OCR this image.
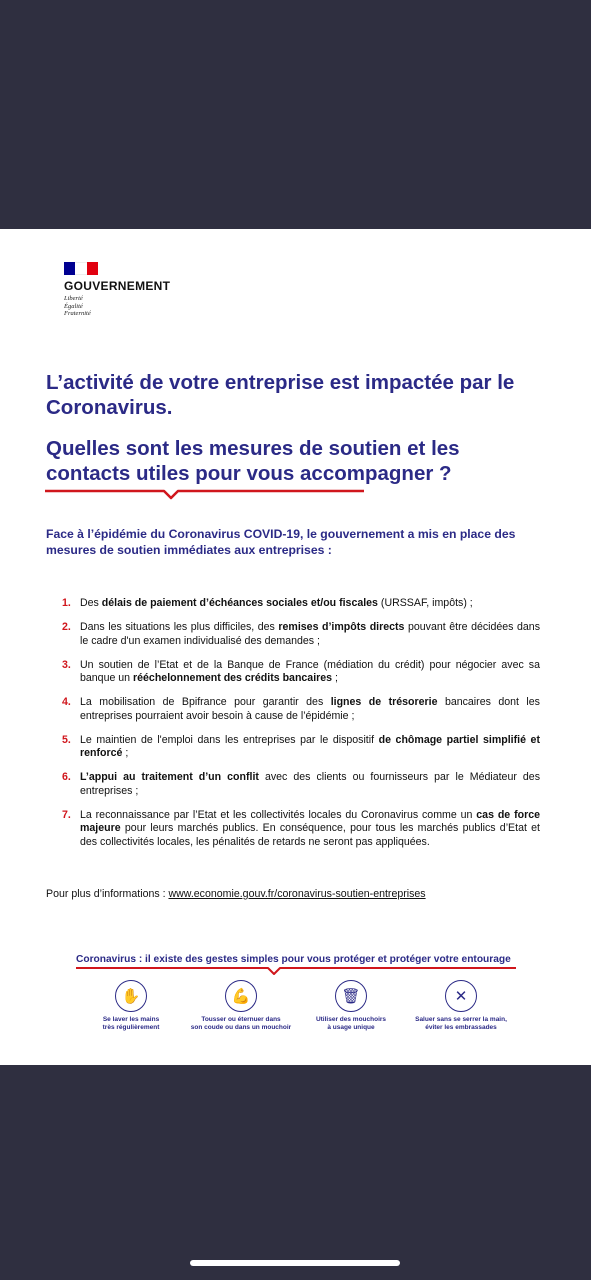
GOUVERNEMENT
Liberté
Égalité
Fraternité
L’activité de votre entreprise est impactée par le Coronavirus.
Quelles sont les mesures de soutien et les contacts utiles pour vous accompagner ?

Face à l’épidémie du Coronavirus COVID-19, le gouvernement a mis en place des mesures de soutien immédiates aux entreprises :

1. Des délais de paiement d’échéances sociales et/ou fiscales (URSSAF, impôts) ;
2. Dans les situations les plus difficiles, des remises d’impôts directs pouvant être décidées dans le cadre d'un examen individualisé des demandes ;
3. Un soutien de l’Etat et de la Banque de France (médiation du crédit) pour négocier avec sa banque un rééchelonnement des crédits bancaires ;
4. La mobilisation de Bpifrance pour garantir des lignes de trésorerie bancaires dont les entreprises pourraient avoir besoin à cause de l’épidémie ;
5. Le maintien de l'emploi dans les entreprises par le dispositif de chômage partiel simplifié et renforcé ;
6. L’appui au traitement d’un conflit avec des clients ou fournisseurs par le Médiateur des entreprises ;
7. La reconnaissance par l’Etat et les collectivités locales du Coronavirus comme un cas de force majeure pour leurs marchés publics. En conséquence, pour tous les marchés publics d’Etat et des collectivités locales, les pénalités de retards ne seront pas appliquées.
Pour plus d’informations : www.economie.gouv.fr/coronavirus-soutien-entreprises

Coronavirus : il existe des gestes simples pour vous protéger et protéger votre entourage

✋
Se laver les mains
très régulièrement
💪
Tousser ou éternuer dans
son coude ou dans un mouchoir
🗑
Utiliser des mouchoirs
à usage unique
✕
Saluer sans se serrer la main,
éviter les embrassades
